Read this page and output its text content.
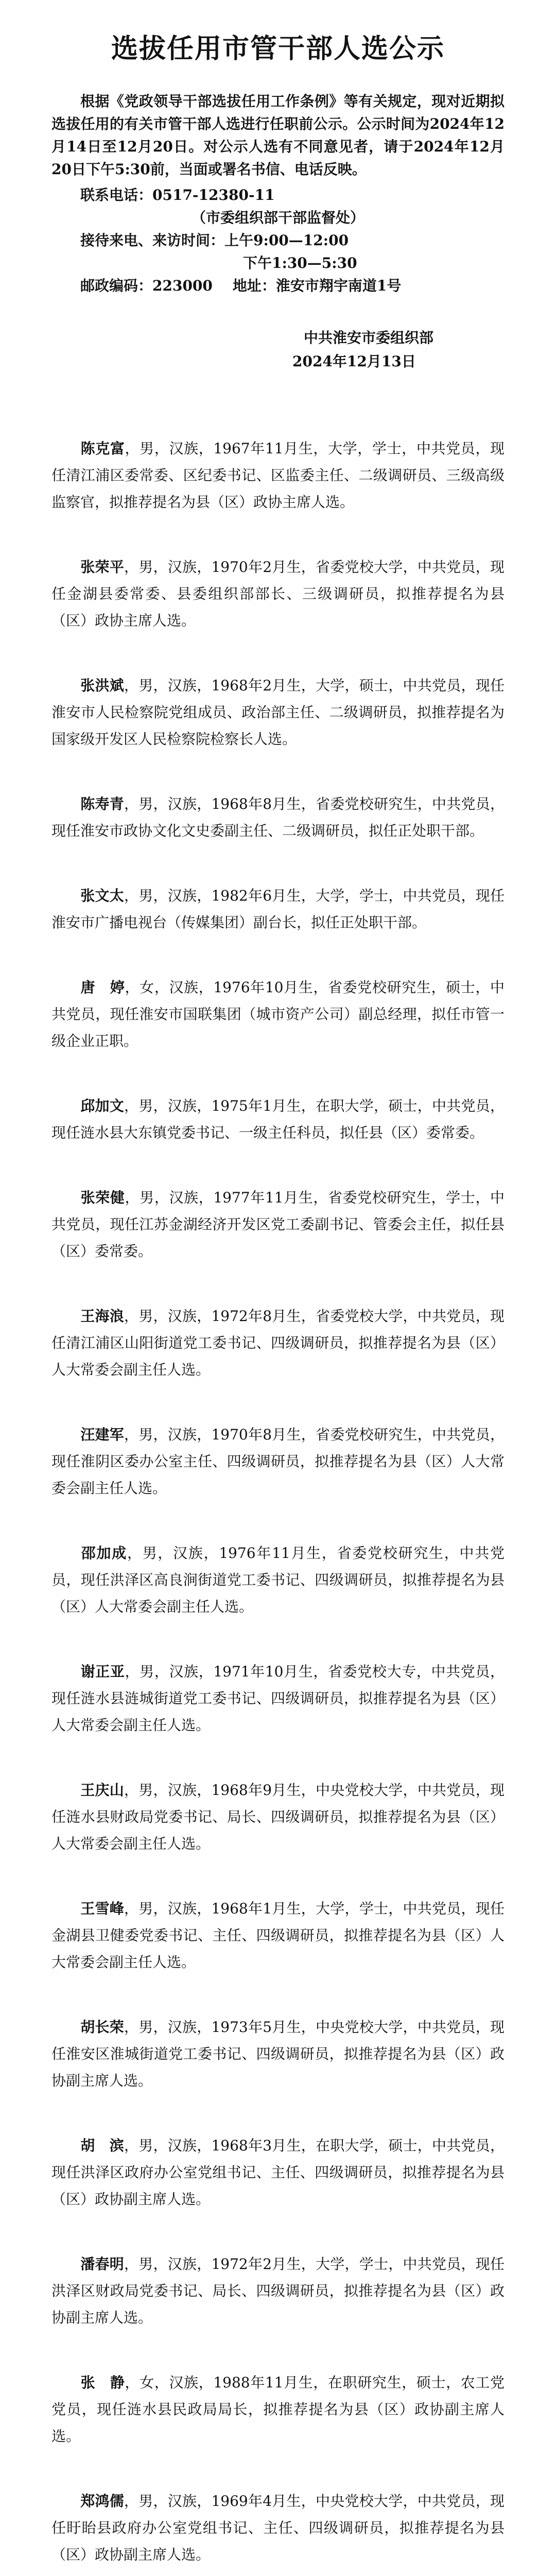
选拔任用市管干部人选公示

根据《党政领导干部选拔任用工作条例》等有关规定，现对近期拟选拔任用的有关市管干部人选进行任职前公示。公示时间为2024年12月14日至12月20日。对公示人选有不同意见者，请于2024年12月20日下午5:30前，当面或署名书信、电话反映。

联系电话：0517-12380-11
（市委组织部干部监督处）
接待来电、来访时间：上午9:00—12:00
下午1:30—5:30
邮政编码：223000    地址：淮安市翔宇南道1号
中共淮安市委组织部
2024年12月13日

陈克富，男，汉族，1967年11月生，大学，学士，中共党员，现任清江浦区委常委、区纪委书记、区监委主任、二级调研员、三级高级监察官，拟推荐提名为县（区）政协主席人选。

张荣平，男，汉族，1970年2月生，省委党校大学，中共党员，现任金湖县委常委、县委组织部部长、三级调研员，拟推荐提名为县（区）政协主席人选。

张洪斌，男，汉族，1968年2月生，大学，硕士，中共党员，现任淮安市人民检察院党组成员、政治部主任、二级调研员，拟推荐提名为国家级开发区人民检察院检察长人选。

陈寿青，男，汉族，1968年8月生，省委党校研究生，中共党员，现任淮安市政协文化文史委副主任、二级调研员，拟任正处职干部。

张文太，男，汉族，1982年6月生，大学，学士，中共党员，现任淮安市广播电视台（传媒集团）副台长，拟任正处职干部。

唐　婷，女，汉族，1976年10月生，省委党校研究生，硕士，中共党员，现任淮安市国联集团（城市资产公司）副总经理，拟任市管一级企业正职。

邱加文，男，汉族，1975年1月生，在职大学，硕士，中共党员，现任涟水县大东镇党委书记、一级主任科员，拟任县（区）委常委。

张荣健，男，汉族，1977年11月生，省委党校研究生，学士，中共党员，现任江苏金湖经济开发区党工委副书记、管委会主任，拟任县（区）委常委。

王海浪，男，汉族，1972年8月生，省委党校大学，中共党员，现任清江浦区山阳街道党工委书记、四级调研员，拟推荐提名为县（区）人大常委会副主任人选。

汪建军，男，汉族，1970年8月生，省委党校研究生，中共党员，现任淮阴区委办公室主任、四级调研员，拟推荐提名为县（区）人大常委会副主任人选。

邵加成，男，汉族，1976年11月生，省委党校研究生，中共党员，现任洪泽区高良涧街道党工委书记、四级调研员，拟推荐提名为县（区）人大常委会副主任人选。

谢正亚，男，汉族，1971年10月生，省委党校大专，中共党员，现任涟水县涟城街道党工委书记、四级调研员，拟推荐提名为县（区）人大常委会副主任人选。

王庆山，男，汉族，1968年9月生，中央党校大学，中共党员，现任涟水县财政局党委书记、局长、四级调研员，拟推荐提名为县（区）人大常委会副主任人选。

王雪峰，男，汉族，1968年1月生，大学，学士，中共党员，现任金湖县卫健委党委书记、主任、四级调研员，拟推荐提名为县（区）人大常委会副主任人选。

胡长荣，男，汉族，1973年5月生，中央党校大学，中共党员，现任淮安区淮城街道党工委书记、四级调研员，拟推荐提名为县（区）政协副主席人选。

胡　滨，男，汉族，1968年3月生，在职大学，硕士，中共党员，现任洪泽区政府办公室党组书记、主任、四级调研员，拟推荐提名为县（区）政协副主席人选。

潘春明，男，汉族，1972年2月生，大学，学士，中共党员，现任洪泽区财政局党委书记、局长、四级调研员，拟推荐提名为县（区）政协副主席人选。

张　静，女，汉族，1988年11月生，在职研究生，硕士，农工党党员，现任涟水县民政局局长，拟推荐提名为县（区）政协副主席人选。

郑鸿儒，男，汉族，1969年4月生，中央党校大学，中共党员，现任盱眙县政府办公室党组书记、主任、四级调研员，拟推荐提名为县（区）政协副主席人选。
